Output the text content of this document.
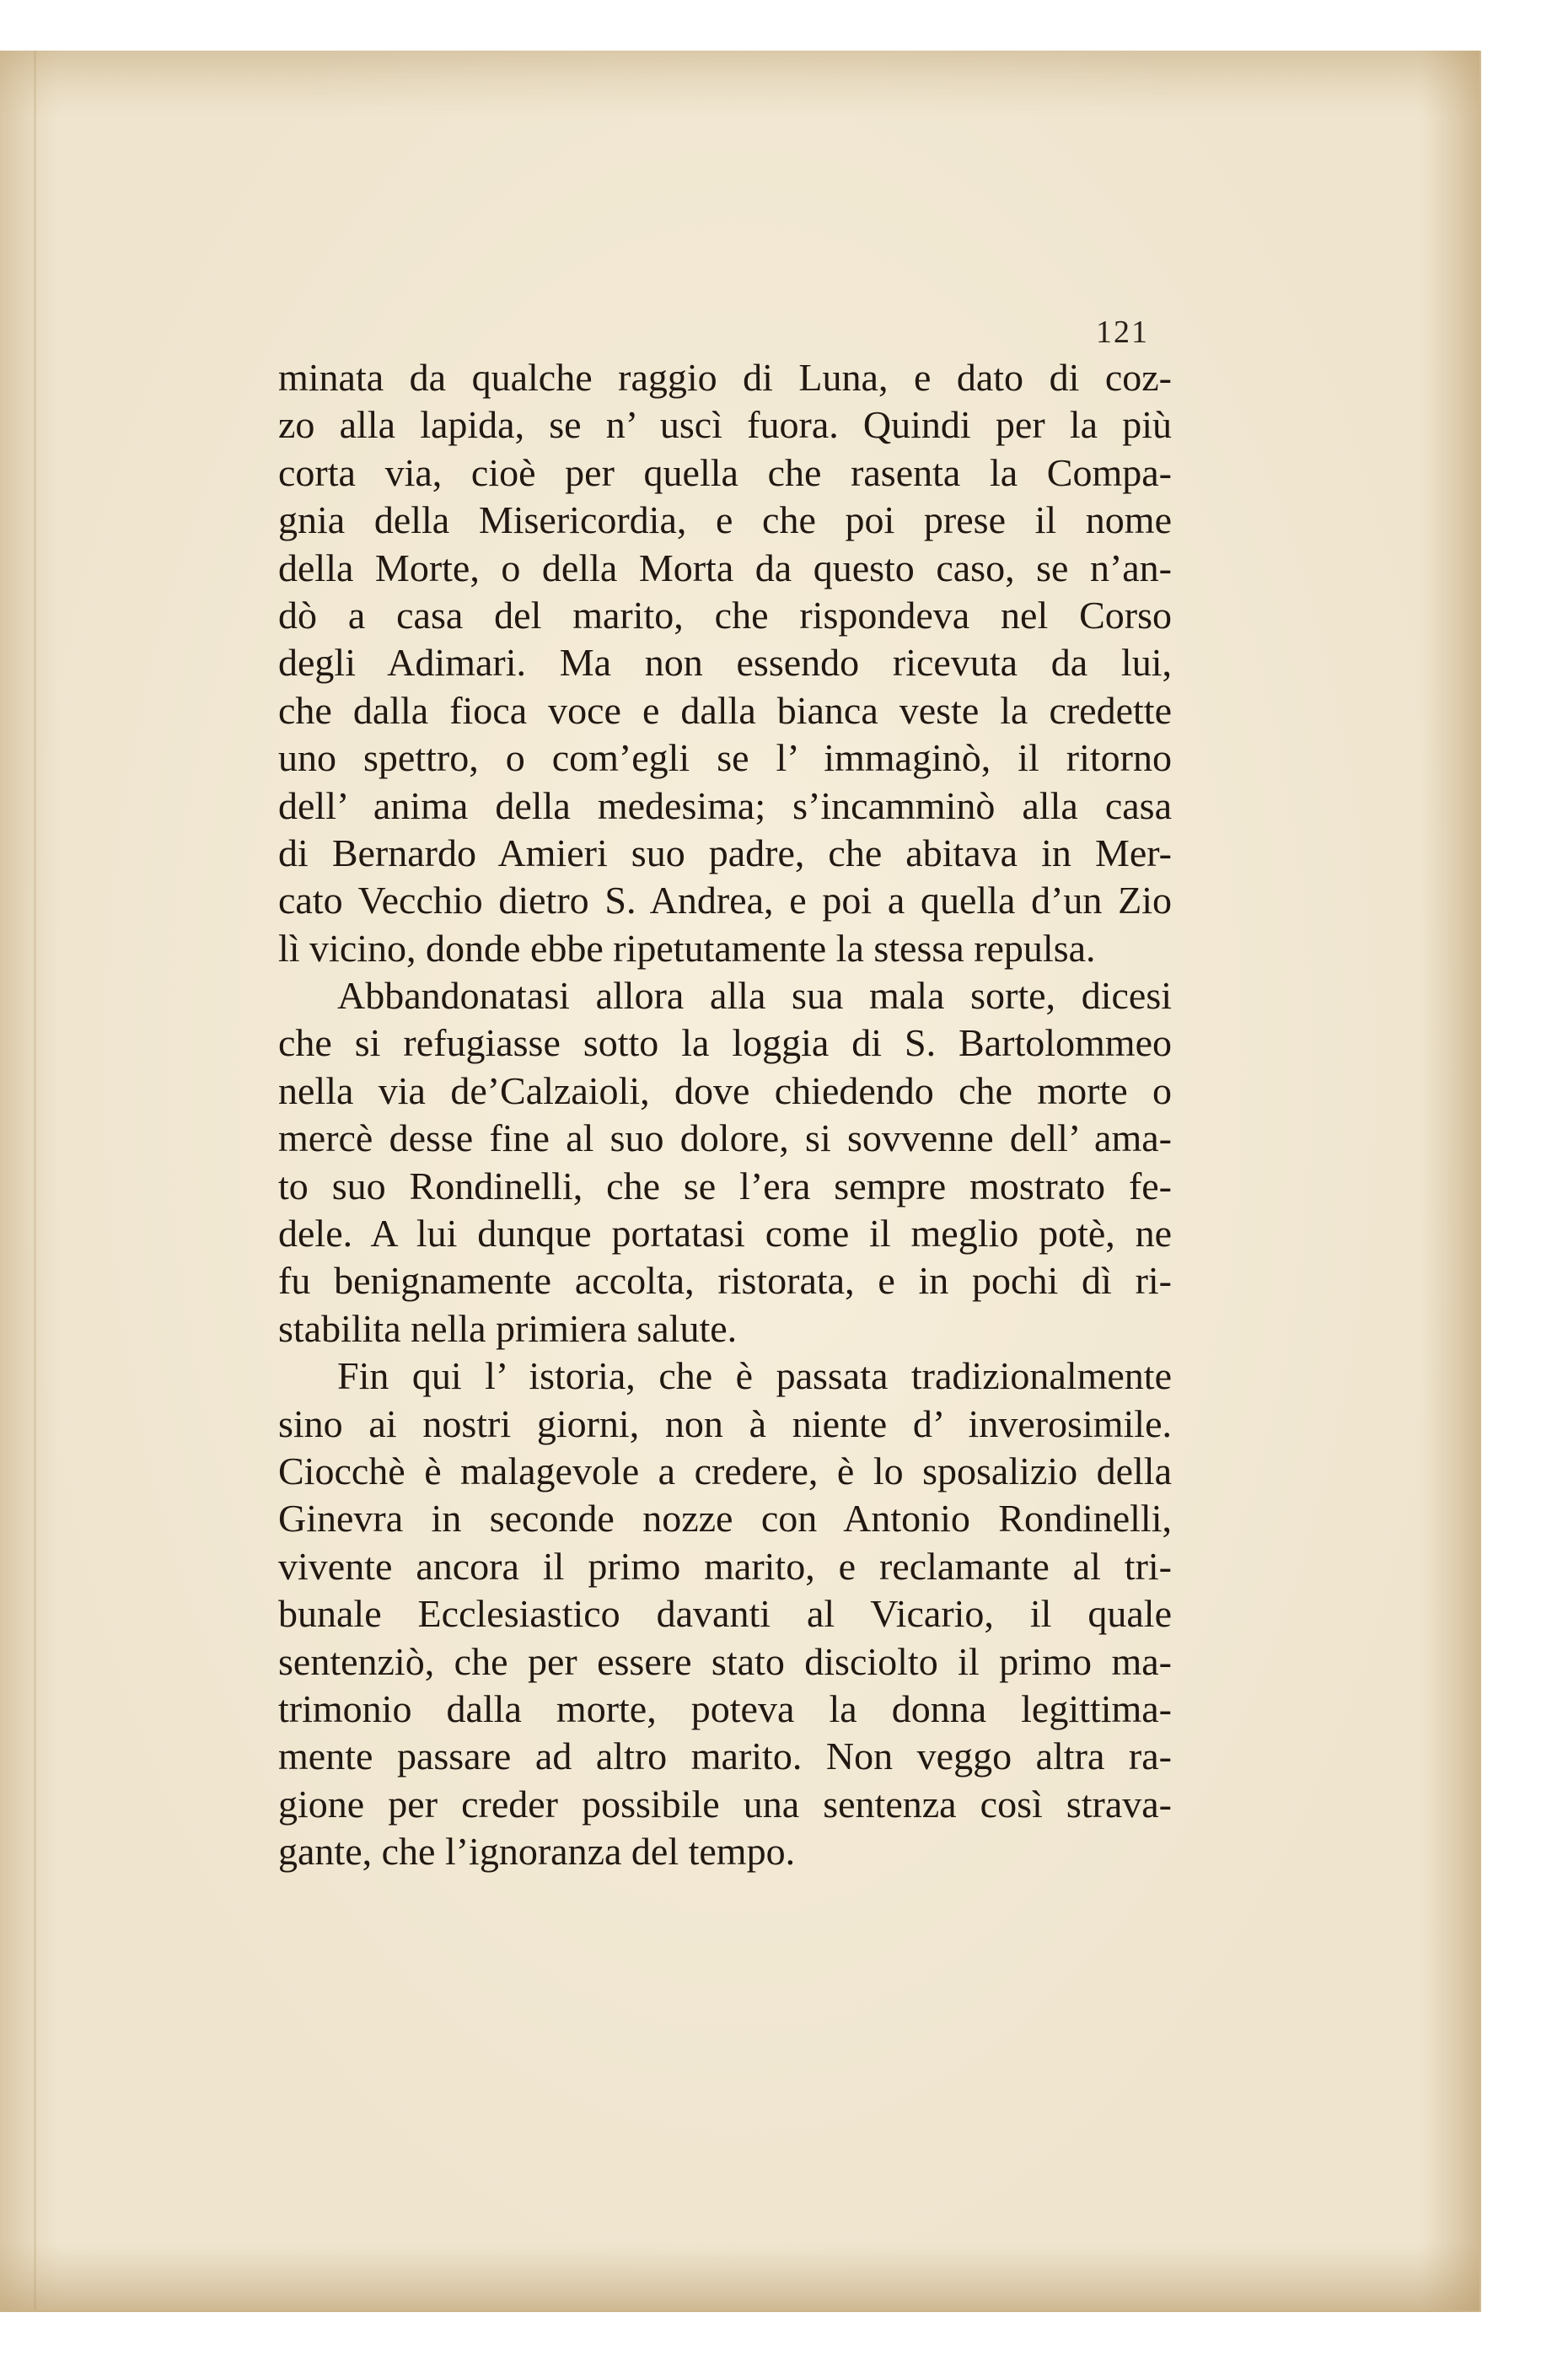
121
minata da qualche raggio di Luna, e dato di coz-
zo alla lapida, se n’ uscì fuora. Quindi per la più
corta via, cioè per quella che rasenta la Compa-
gnia della Misericordia, e che poi prese il nome
della Morte, o della Morta da questo caso, se n’an-
dò a casa del marito, che rispondeva nel Corso
degli Adimari. Ma non essendo ricevuta da lui,
che dalla fioca voce e dalla bianca veste la credette
uno spettro, o com’egli se l’ immaginò, il ritorno
dell’ anima della medesima; s’incamminò alla casa
di Bernardo Amieri suo padre, che abitava in Mer-
cato Vecchio dietro S. Andrea, e poi a quella d’un Zio
lì vicino, donde ebbe ripetutamente la stessa repulsa.
Abbandonatasi allora alla sua mala sorte, dicesi
che si refugiasse sotto la loggia di S. Bartolommeo
nella via de’Calzaioli, dove chiedendo che morte o
mercè desse fine al suo dolore, si sovvenne dell’ ama-
to suo Rondinelli, che se l’era sempre mostrato fe-
dele. A lui dunque portatasi come il meglio potè, ne
fu benignamente accolta, ristorata, e in pochi dì ri-
stabilita nella primiera salute.
Fin qui l’ istoria, che è passata tradizionalmente
sino ai nostri giorni, non à niente d’ inverosimile.
Ciocchè è malagevole a credere, è lo sposalizio della
Ginevra in seconde nozze con Antonio Rondinelli,
vivente ancora il primo marito, e reclamante al tri-
bunale Ecclesiastico davanti al Vicario, il quale
sentenziò, che per essere stato disciolto il primo ma-
trimonio dalla morte, poteva la donna legittima-
mente passare ad altro marito. Non veggo altra ra-
gione per creder possibile una sentenza così strava-
gante, che l’ignoranza del tempo.
